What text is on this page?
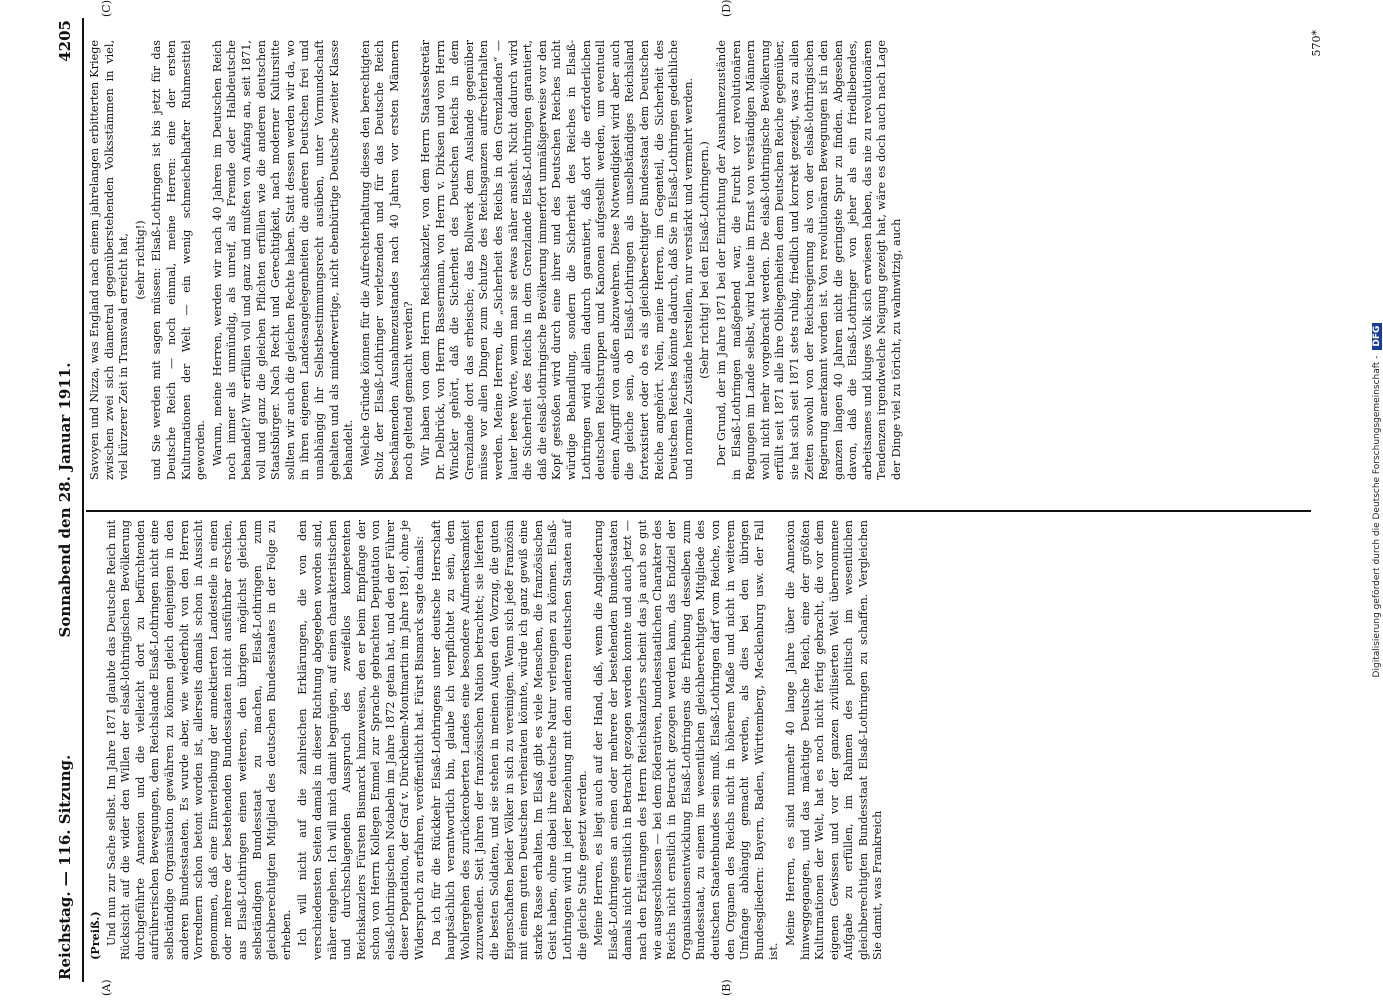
Reichstag. — 116. Sitzung.
Sonnabend den 28. Januar 1911.
4205
(A)	(B)
(C)	(D)

(Preiß.) Und nun zur Sache selbst. Im Jahre 1871 glaubte das Deutsche Reich mit Rücksicht auf die wider den Willen der elsaß-lothringischen Bevölkerung durchgeführte Annexion und die vielleicht dort zu befürchtenden aufrührerischen Bewegungen, dem Reichslande Elsaß-Lothringen nicht eine selbständige Organisation gewähren zu können gleich denjenigen in den anderen Bundesstaaten. Es wurde aber, wie wiederholt von den Herren Vorrednern schon betont worden ist, allerseits damals schon in Aussicht genommen, daß eine Einverleibung der annektierten Landesteile in einen oder mehrere der bestehenden Bundesstaaten nicht ausführbar erschien, aus Elsaß-Lothringen einen weiteren, den übrigen möglichst gleichen selbständigen Bundesstaat zu machen, Elsaß-Lothringen zum gleichberechtigten Mitglied des deutschen Bundesstaates in der Folge zu erheben. Ich will nicht auf die zahlreichen Erklärungen, die von den verschiedensten Seiten damals in dieser Richtung abgegeben worden sind, näher eingehen. Ich will mich damit begnügen, auf einen charakteristischen und durchschlagenden Ausspruch des zweifellos kompetenten Reichskanzlers Fürsten Bismarck hinzuweisen, den er beim Empfange der schon von Herrn Kollegen Emmel zur Sprache gebrachten Deputation von elsaß-lothringischen Notabeln im Jahre 1872 getan hat, und den der Führer dieser Deputation, der Graf v. Dürckheim-Montmartin im Jahre 1891, ohne je Widerspruch zu erfahren, veröffentlicht hat. Fürst Bismarck sagte damals: Da ich für die Rückkehr Elsaß-Lothringens unter deutsche Herrschaft hauptsächlich verantwortlich bin, glaube ich verpflichtet zu sein, dem Wohlergehen des zurückeroberten Landes eine besondere Aufmerksamkeit zuzuwenden. Seit Jahren der französischen Nation betrachtet; sie lieferten die besten Soldaten, und sie stehen in meinen Augen den Vorzug, die guten Eigenschaften beider Völker in sich zu vereinigen. Wenn sich jede Französin mit einem guten Deutschen verheiraten könnte, würde ich ganz gewiß eine starke Rasse erhalten. Im Elsaß gibt es viele Menschen, die französischen Geist haben, ohne dabei ihre deutsche Natur verleugnen zu können. Elsaß-Lothringen wird in jeder Beziehung mit den anderen deutschen Staaten auf die gleiche Stufe gesetzt werden. Meine Herren, es liegt auch auf der Hand, daß, wenn die Angliederung Elsaß-Lothringens an einen oder mehrere der bestehenden Bundesstaaten damals nicht ernstlich in Betracht gezogen werden konnte und auch jetzt — nach den Erklärungen des Herrn Reichskanzlers scheint das ja auch so gut wie ausgeschlossen — bei dem föderativen, bundesstaatlichen Charakter des Reichs nicht ernstlich in Betracht gezogen werden kann, das Endziel der Organisationsentwicklung Elsaß-Lothringens die Erhebung desselben zum Bundesstaat, zu einem im wesentlichen gleichberechtigten Mitgliede des deutschen Staatenbundes sein muß. Elsaß-Lothringen darf vom Reiche, von den Organen des Reichs nicht in höherem Maße und nicht in weiterem Umfange abhängig gemacht werden, als dies bei den übrigen Bundesgliedern: Bayern, Baden, Württemberg, Mecklenburg usw. der Fall ist.

Meine Herren, es sind nunmehr 40 lange Jahre über die Annexion hinweggegangen, und das mächtige Deutsche Reich, eine der größten Kulturnationen der Welt, hat es noch nicht fertig gebracht, die vor dem eigenen Gewissen und vor der ganzen zivilisierten Welt übernommene Aufgabe zu erfüllen, im Rahmen des politisch im wesentlichen gleichberechtigten Bundesstaat Elsaß-Lothringen zu schaffen. Vergleichen Sie damit, was Frankreich

Savoyen und Nizza, was England nach einem jahrelangen erbitterten Kriege zwischen zwei sich diametral gegenüberstehenden Volksstämmen in viel, viel kürzerer Zeit in Transvaal erreicht hat, (sehr richtig!) und Sie werden mit sagen müssen: Elsaß-Lothringen ist bis jetzt für das Deutsche Reich — noch einmal, meine Herren: eine der ersten Kulturnationen der Welt — ein wenig schmeichelhafter Ruhmestitel geworden. Warum, meine Herren, werden wir nach 40 Jahren im Deutschen Reich noch immer als unmündig, als unreif, als Fremde oder Halbdeutsche behandelt? Wir erfüllen voll und ganz und mußten von Anfang an, seit 1871, voll und ganz die gleichen Pflichten erfüllen wie die anderen deutschen Staatsbürger. Nach Recht und Gerechtigkeit, nach moderner Kultursitte sollten wir auch die gleichen Rechte haben. Statt dessen werden wir da, wo in ihren eigenen Landesangelegenheiten die anderen Deutschen frei und unabhängig ihr Selbstbestimmungsrecht ausüben, unter Vormundschaft gehalten und als minderwertige, nicht ebenbürtige Deutsche zweiter Klasse behandelt. Welche Gründe können für die Aufrechterhaltung dieses den berechtigten Stolz der Elsaß-Lothringer verletzenden und für das Deutsche Reich beschämenden Ausnahmezustandes nach 40 Jahren vor ersten Männern noch geltend gemacht werden? Wir haben von dem Herrn Reichskanzler, von dem Herrn Staatssekretär Dr. Delbrück, von Herrn Bassermann, von Herrn v. Dirksen und von Herrn Winckler gehört, daß die Sicherheit des Deutschen Reichs in dem Grenzlande dort das erheische; das Bollwerk dem Auslande gegenüber müsse vor allen Dingen zum Schutze des Reichsganzen aufrechterhalten werden. Meine Herren, die „Sicherheit des Reichs in den Grenzlanden“ — lauter leere Worte, wenn man sie etwas näher ansieht. Nicht dadurch wird die Sicherheit des Reichs in dem Grenzlande Elsaß-Lothringen garantiert, daß die elsaß-lothringische Bevölkerung immerfort unmäßigerweise vor den Kopf gestoßen wird durch eine ihrer und des Deutschen Reiches nicht würdige Behandlung, sondern die Sicherheit des Reiches in Elsaß-Lothringen wird allein dadurch garantiert, daß dort die erforderlichen deutschen Reichstruppen und Kanonen aufgestellt werden, um eventuell einen Angriff von außen abzuwehren. Diese Notwendigkeit wird aber auch die gleiche sein, ob Elsaß-Lothringen als unselbständiges Reichsland fortexistiert oder ob es als gleichberechtigter Bundesstaat dem Deutschen Reiche angehört. Nein, meine Herren, im Gegenteil, die Sicherheit des Deutschen Reiches könnte dadurch, daß Sie in Elsaß-Lothringen gedeihliche und normale Zustände herstellen, nur verstärkt und vermehrt werden. (Sehr richtig! bei den Elsaß-Lothringern.) Der Grund, der im Jahre 1871 bei der Einrichtung der Ausnahmezustände in Elsaß-Lothringen maßgebend war, die Furcht vor revolutionären Regungen im Lande selbst, wird heute im Ernst von verständigen Männern wohl nicht mehr vorgebracht werden. Die elsaß-lothringische Bevölkerung erfüllt seit 1871 alle ihre Obliegenheiten dem Deutschen Reiche gegenüber, sie hat sich seit 1871 stets ruhig, friedlich und korrekt gezeigt, was zu allen Zeiten sowohl von der Reichsregierung als von der elsaß-lothringischen Regierung anerkannt worden ist. Von revolutionären Bewegungen ist in den ganzen langen 40 Jahren nicht die geringste Spur zu finden. Abgesehen davon, daß die Elsaß-Lothringer von jeher als ein friedliebendes, arbeitsames und kluges Volk sich erwiesen haben, das nie zu revolutionären Tendenzen irgendwelche Neigung gezeigt hat, wäre es doch auch nach Lage der Dinge viel zu töricht, zu wahnwitzig, auch

570*
Digitalisierung gefördert durch die Deutsche Forschungsgemeinschaft -DFG
